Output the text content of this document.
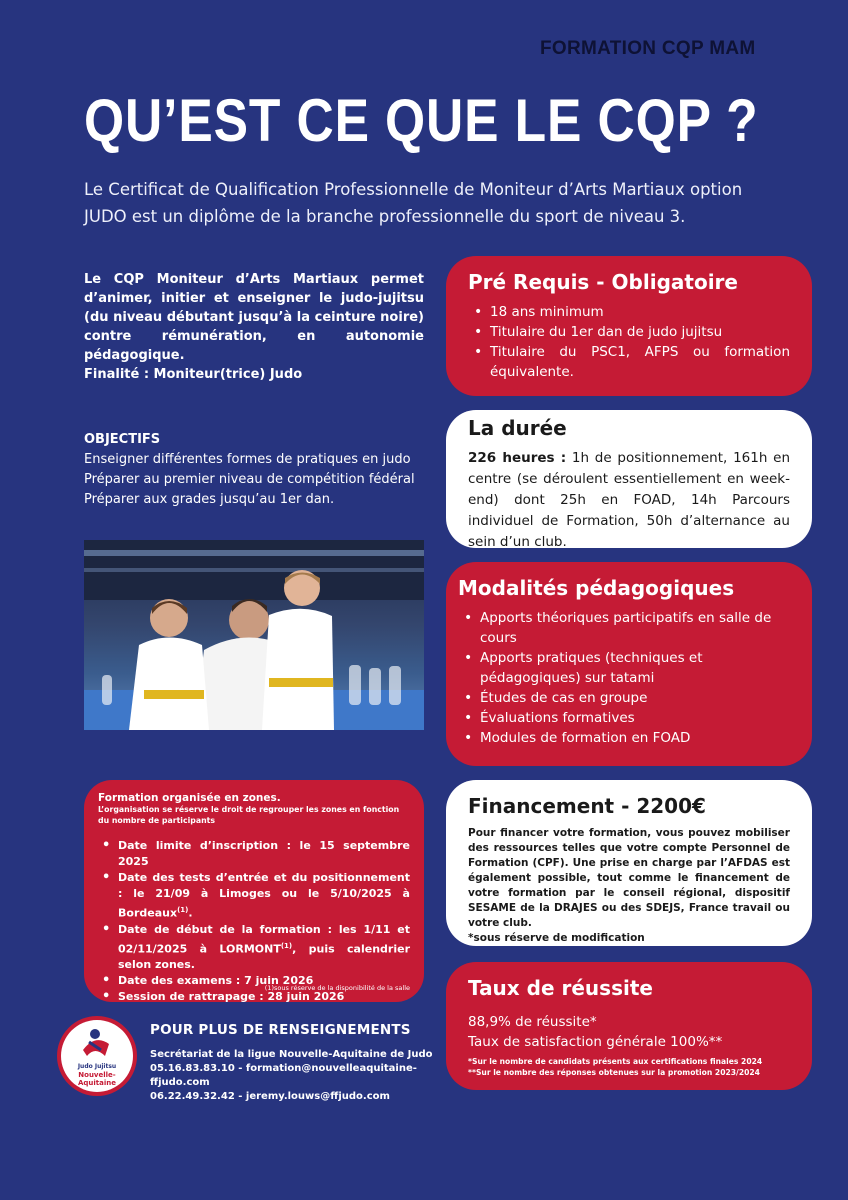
FORMATION CQP MAM
QU’EST CE QUE LE CQP ?
Le Certificat de Qualification Professionnelle de Moniteur d’Arts Martiaux option JUDO est un diplôme de la branche professionnelle du sport de niveau 3.
Le CQP Moniteur d’Arts Martiaux permet d’animer, initier et enseigner le judo-jujitsu (du niveau débutant jusqu’à la ceinture noire) contre rémunération, en autonomie pédagogique.
Finalité : Moniteur(trice) Judo
OBJECTIFS
Enseigner différentes formes de pratiques en judo
Préparer au premier niveau de compétition fédéral
Préparer aux grades jusqu’au 1er dan.
Pré Requis - Obligatoire
• 18 ans minimum
• Titulaire du 1er dan de judo jujitsu
• Titulaire du PSC1, AFPS ou formation équivalente.
La durée

226 heures : 1h de positionnement, 161h en centre (se déroulent essentiellement en week-end) dont 25h en FOAD, 14h Parcours individuel de Formation, 50h d’alternance au sein d’un club.

Modalités pédagogiques
• Apports théoriques participatifs en salle de cours
• Apports pratiques (techniques et pédagogiques) sur tatami
• Études de cas en groupe
• Évaluations formatives
• Modules de formation en FOAD
Financement - 2200€

Pour financer votre formation, vous pouvez mobiliser des ressources telles que votre compte Personnel de Formation (CPF). Une prise en charge par l’AFDAS est également possible, tout comme le financement de votre formation par le conseil régional, dispositif SESAME de la DRAJES ou des SDEJS, France travail ou votre club.

*sous réserve de modification

Taux de réussite
88,9% de réussite*
Taux de satisfaction générale 100%**
*Sur le nombre de candidats présents aux certifications finales 2024
**Sur le nombre des réponses obtenues sur la promotion 2023/2024
Formation organisée en zones.
L’organisation se réserve le droit de regrouper les zones en fonction du nombre de participants
• Date limite d’inscription : le 15 septembre 2025
• Date des tests d’entrée et du positionnement : le 21/09 à Limoges ou le 5/10/2025 à Bordeaux$^{(1)}$.
• Date de début de la formation : les 1/11 et 02/11/2025 à LORMONT$^{(1)}$, puis calendrier selon zones.
• Date des examens : 7 juin 2026
• Session de rattrapage : 28 juin 2026
(1)sous réserve de la disponibilité de la salle
Judo Jujitsu
Nouvelle-Aquitaine
POUR PLUS DE RENSEIGNEMENTS

Secrétariat de la ligue Nouvelle-Aquitaine de Judo

05.16.83.83.10 - formation@nouvelleaquitaine-ffjudo.com

06.22.49.32.42 - jeremy.louws@ffjudo.com
